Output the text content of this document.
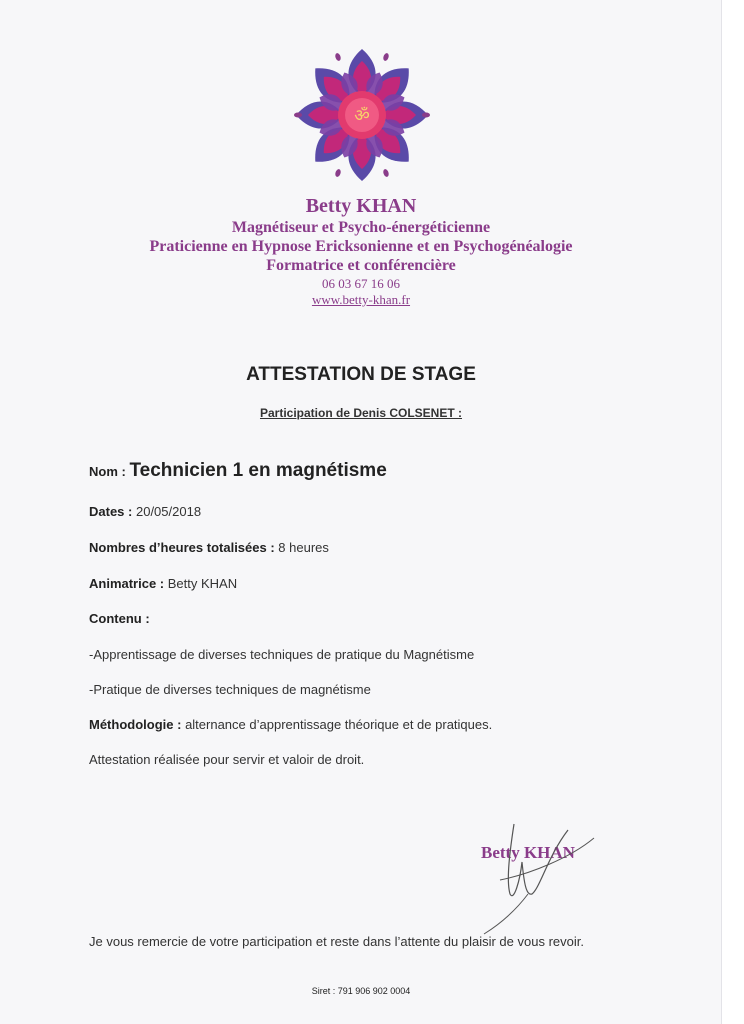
ॐ
Betty KHAN
Magnétiseur et Psycho-énergéticienne
Praticienne en Hypnose Ericksonienne et en Psychogénéalogie
Formatrice et conférencière
06 03 67 16 06
www.betty-khan.fr
ATTESTATION DE STAGE
Participation de Denis COLSENET :
Nom : Technicien 1 en magnétisme
Dates : 20/05/2018
Nombres d’heures totalisées : 8 heures
Animatrice : Betty KHAN
Contenu :
-Apprentissage de diverses techniques de pratique du Magnétisme
-Pratique de diverses techniques de magnétisme
Méthodologie : alternance d’apprentissage théorique et de pratiques.
Attestation réalisée pour servir et valoir de droit.
Betty KHAN
Je vous remercie de votre participation et reste dans l’attente du plaisir de vous revoir.
Siret : 791 906 902 0004
